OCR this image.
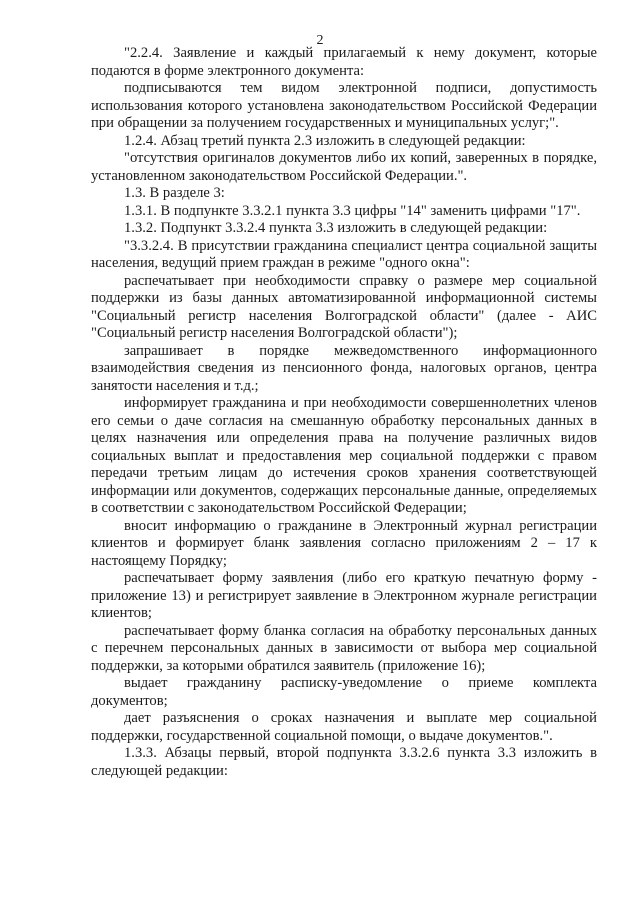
2

"2.2.4. Заявление и каждый прилагаемый к нему документ, которые подаются в форме электронного документа:

подписываются тем видом электронной подписи, допустимость использования которого установлена законодательством Российской Федерации при обращении за получением государственных и муниципальных услуг;".

1.2.4. Абзац третий пункта 2.3 изложить в следующей редакции:

"отсутствия оригиналов документов либо их копий, заверенных в порядке, установленном законодательством Российской Федерации.".

1.3. В разделе 3:

1.3.1. В подпункте 3.3.2.1 пункта 3.3 цифры "14" заменить цифрами "17".

1.3.2. Подпункт 3.3.2.4 пункта 3.3 изложить в следующей редакции:

"3.3.2.4. В присутствии гражданина специалист центра социальной защиты населения, ведущий прием граждан в режиме "одного окна":

распечатывает при необходимости справку о размере мер социальной поддержки из базы данных автоматизированной информационной системы "Социальный регистр населения Волгоградской области" (далее - АИС "Социальный регистр населения Волгоградской области");

запрашивает в порядке межведомственного информационного взаимодействия сведения из пенсионного фонда, налоговых органов, центра занятости населения и т.д.;

информирует гражданина и при необходимости совершеннолетних членов его семьи о даче согласия на смешанную обработку персональных данных в целях назначения или определения права на получение различных видов социальных выплат и предоставления мер социальной поддержки с правом передачи третьим лицам до истечения сроков хранения соответствующей информации или документов, содержащих персональные данные, определяемых в соответствии с законодательством Российской Федерации;

вносит информацию о гражданине в Электронный журнал регистрации клиентов и формирует бланк заявления согласно приложениям 2 – 17 к настоящему Порядку;

распечатывает форму заявления (либо его краткую печатную форму - приложение 13) и регистрирует заявление в Электронном журнале регистрации клиентов;

распечатывает форму бланка согласия на обработку персональных данных с перечнем персональных данных в зависимости от выбора мер социальной поддержки, за которыми обратился заявитель (приложение 16);

выдает гражданину расписку-уведомление о приеме комплекта документов;

дает разъяснения о сроках назначения и выплате мер социальной поддержки, государственной социальной помощи, о выдаче документов.".

1.3.3. Абзацы первый, второй подпункта 3.3.2.6 пункта 3.3 изложить в следующей редакции:
